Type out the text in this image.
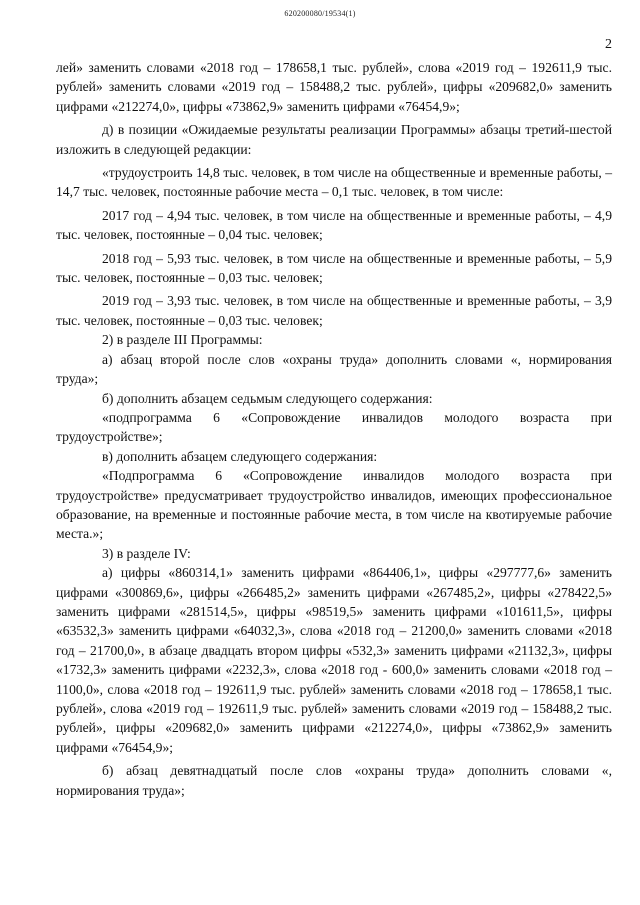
620200080/19534(1)
2

лей» заменить словами «2018 год – 178658,1 тыс. рублей», слова «2019 год – 192611,9 тыс. рублей» заменить словами «2019 год – 158488,2 тыс. рублей», цифры «209682,0» заменить цифрами «212274,0», цифры «73862,9» заменить цифрами «76454,9»;

д) в позиции «Ожидаемые результаты реализации Программы» абзацы третий-шестой изложить в следующей редакции:

«трудоустроить 14,8 тыс. человек, в том числе на общественные и временные работы, – 14,7 тыс. человек, постоянные рабочие места – 0,1 тыс. человек, в том числе:

2017 год – 4,94 тыс. человек, в том числе на общественные и временные работы, – 4,9 тыс. человек, постоянные – 0,04 тыс. человек;

2018 год – 5,93 тыс. человек, в том числе на общественные и временные работы, – 5,9 тыс. человек, постоянные – 0,03 тыс. человек;

2019 год – 3,93 тыс. человек, в том числе на общественные и временные работы, – 3,9 тыс. человек, постоянные – 0,03 тыс. человек;

2) в разделе III Программы:

а) абзац второй после слов «охраны труда» дополнить словами «, нормирования труда»;

б) дополнить абзацем седьмым следующего содержания:

«подпрограмма 6 «Сопровождение инвалидов молодого возраста при трудоустройстве»;

в) дополнить абзацем следующего содержания:

«Подпрограмма 6 «Сопровождение инвалидов молодого возраста при трудоустройстве» предусматривает трудоустройство инвалидов, имеющих профессиональное образование, на временные и постоянные рабочие места, в том числе на квотируемые рабочие места.»;

3) в разделе IV:

а) цифры «860314,1» заменить цифрами «864406,1», цифры «297777,6» заменить цифрами «300869,6», цифры «266485,2» заменить цифрами «267485,2», цифры «278422,5» заменить цифрами «281514,5», цифры «98519,5» заменить цифрами «101611,5», цифры «63532,3» заменить цифрами «64032,3», слова «2018 год – 21200,0» заменить словами «2018 год – 21700,0», в абзаце двадцать втором цифры «532,3» заменить цифрами «21132,3», цифры «1732,3» заменить цифрами «2232,3», слова «2018 год - 600,0» заменить словами «2018 год – 1100,0», слова «2018 год – 192611,9 тыс. рублей» заменить словами «2018 год – 178658,1 тыс. рублей», слова «2019 год – 192611,9 тыс. рублей» заменить словами «2019 год – 158488,2 тыс. рублей», цифры «209682,0» заменить цифрами «212274,0», цифры «73862,9» заменить цифрами «76454,9»;

б) абзац девятнадцатый после слов «охраны труда» дополнить словами «, нормирования труда»;
